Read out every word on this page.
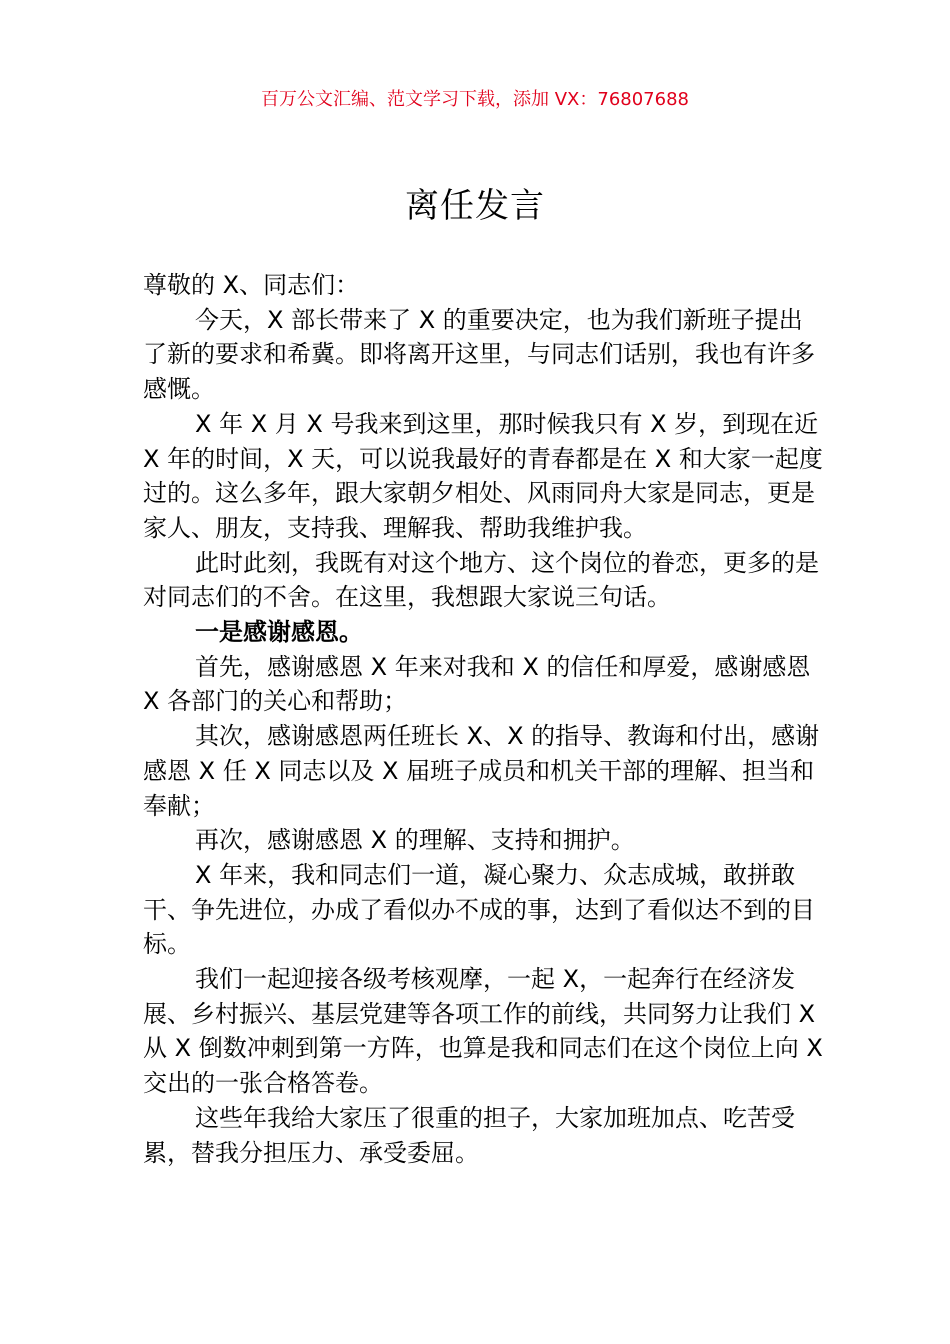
百万公文汇编、范文学习下载，添加 VX：76807688
离任发言

尊敬的 X、同志们：

今天，X 部长带来了 X 的重要决定，也为我们新班子提出了新的要求和希冀。即将离开这里，与同志们话别，我也有许多感慨。

X 年 X 月 X 号我来到这里，那时候我只有 X 岁，到现在近 X 年的时间，X 天，可以说我最好的青春都是在 X 和大家一起度过的。这么多年，跟大家朝夕相处、风雨同舟大家是同志，更是家人、朋友，支持我、理解我、帮助我维护我。

此时此刻，我既有对这个地方、这个岗位的眷恋，更多的是对同志们的不舍。在这里，我想跟大家说三句话。

一是感谢感恩。

首先，感谢感恩 X 年来对我和 X 的信任和厚爱，感谢感恩 X 各部门的关心和帮助；

其次，感谢感恩两任班长 X、X 的指导、教诲和付出，感谢感恩 X 任 X 同志以及 X 届班子成员和机关干部的理解、担当和奉献；

再次，感谢感恩 X 的理解、支持和拥护。

X 年来，我和同志们一道，凝心聚力、众志成城，敢拼敢干、争先进位，办成了看似办不成的事，达到了看似达不到的目标。

我们一起迎接各级考核观摩，一起 X，一起奔行在经济发展、乡村振兴、基层党建等各项工作的前线，共同努力让我们 X 从 X 倒数冲刺到第一方阵，也算是我和同志们在这个岗位上向 X 交出的一张合格答卷。

这些年我给大家压了很重的担子，大家加班加点、吃苦受累，替我分担压力、承受委屈。
